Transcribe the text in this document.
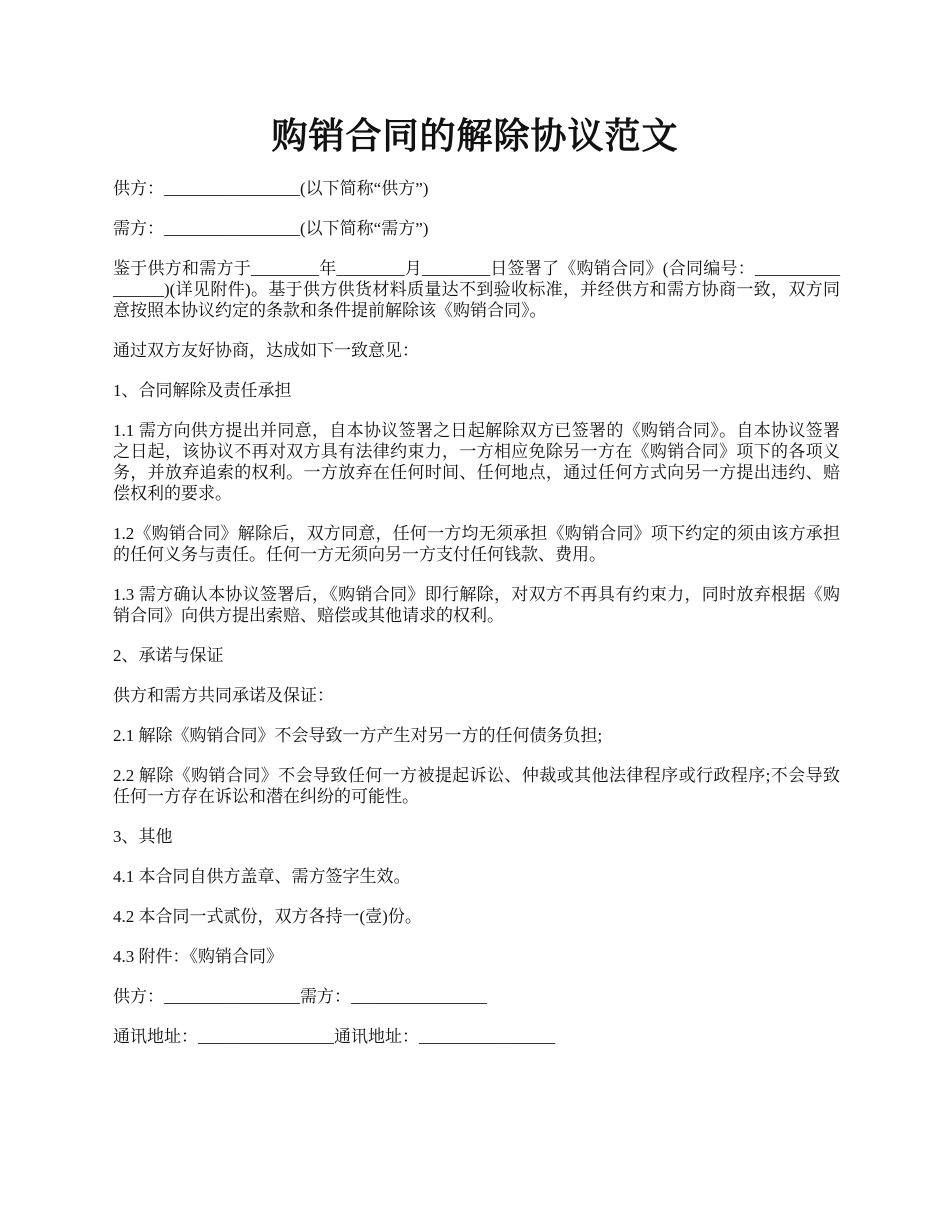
购销合同的解除协议范文

供方：________________(以下简称“供方”)

需方：________________(以下简称“需方”)

鉴于供方和需方于________年________月________日签署了《购销合同》(合同编号：________________)(详见附件)。基于供方供货材料质量达不到验收标准，并经供方和需方协商一致，双方同意按照本协议约定的条款和条件提前解除该《购销合同》。

通过双方友好协商，达成如下一致意见：

1、合同解除及责任承担

1.1 需方向供方提出并同意，自本协议签署之日起解除双方已签署的《购销合同》。自本协议签署之日起，该协议不再对双方具有法律约束力，一方相应免除另一方在《购销合同》项下的各项义务，并放弃追索的权利。一方放弃在任何时间、任何地点，通过任何方式向另一方提出违约、赔偿权利的要求。

1.2《购销合同》解除后，双方同意，任何一方均无须承担《购销合同》项下约定的须由该方承担的任何义务与责任。任何一方无须向另一方支付任何钱款、费用。

1.3 需方确认本协议签署后，《购销合同》即行解除，对双方不再具有约束力，同时放弃根据《购销合同》向供方提出索赔、赔偿或其他请求的权利。

2、承诺与保证

供方和需方共同承诺及保证：

2.1 解除《购销合同》不会导致一方产生对另一方的任何债务负担;

2.2 解除《购销合同》不会导致任何一方被提起诉讼、仲裁或其他法律程序或行政程序;不会导致任何一方存在诉讼和潜在纠纷的可能性。

3、其他

4.1 本合同自供方盖章、需方签字生效。

4.2 本合同一式贰份，双方各持一(壹)份。

4.3 附件：《购销合同》

供方：________________需方：________________

通讯地址：________________通讯地址：________________
